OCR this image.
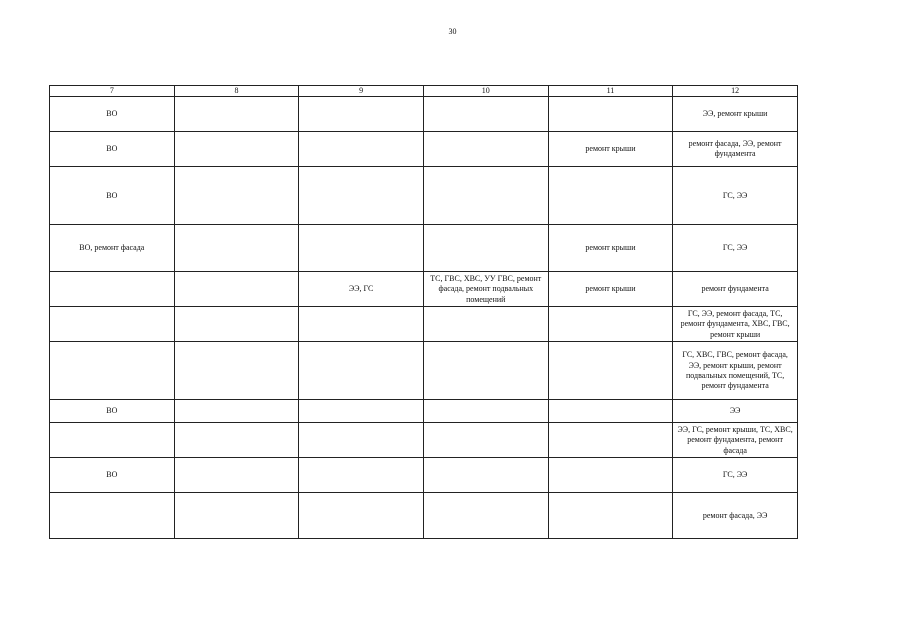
30
7	8	9	10	11	12
ВО					ЭЭ, ремонт крыши
ВО				ремонт крыши	ремонт фасада, ЭЭ, ремонт фундамента
ВО					ГС, ЭЭ
ВО, ремонт фасада				ремонт крыши	ГС, ЭЭ
		ЭЭ, ГС	ТС, ГВС, ХВС, УУ ГВС, ремонт фасада, ремонт подвальных помещений	ремонт крыши	ремонт фундамента
					ГС, ЭЭ, ремонт фасада, ТС, ремонт фундамента, ХВС, ГВС, ремонт крыши
					ГС, ХВС, ГВС, ремонт фасада, ЭЭ, ремонт крыши, ремонт подвальных помещений, ТС, ремонт фундамента
ВО					ЭЭ
					ЭЭ, ГС, ремонт крыши, ТС, ХВС, ремонт фундамента, ремонт фасада
ВО					ГС, ЭЭ
					ремонт фасада, ЭЭ
